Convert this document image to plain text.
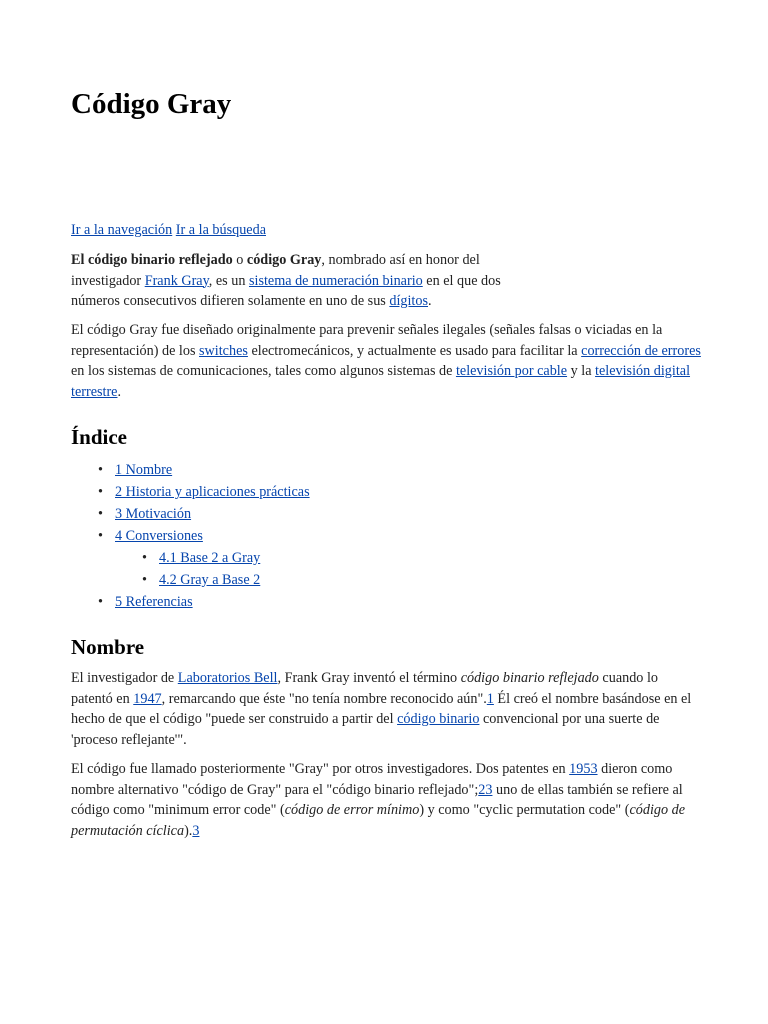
Código Gray
Ir a la navegación Ir a la búsqueda

El código binario reflejado o código Gray, nombrado así en honor del investigador Frank Gray, es un sistema de numeración binario en el que dos números consecutivos difieren solamente en uno de sus dígitos.

El código Gray fue diseñado originalmente para prevenir señales ilegales (señales falsas o viciadas en la representación) de los switches electromecánicos, y actualmente es usado para facilitar la corrección de errores en los sistemas de comunicaciones, tales como algunos sistemas de televisión por cable y la televisión digital terrestre.

Índice
• 1 Nombre
• 2 Historia y aplicaciones prácticas
• 3 Motivación
• 4 Conversiones
• 4.1 Base 2 a Gray
• 4.2 Gray a Base 2
• 5 Referencias
Nombre

El investigador de Laboratorios Bell, Frank Gray inventó el término código binario reflejado cuando lo patentó en 1947, remarcando que éste "no tenía nombre reconocido aún".1 Él creó el nombre basándose en el hecho de que el código "puede ser construido a partir del código binario convencional por una suerte de 'proceso reflejante'".

El código fue llamado posteriormente "Gray" por otros investigadores. Dos patentes en 1953 dieron como nombre alternativo "código de Gray" para el "código binario reflejado";23 uno de ellas también se refiere al código como "minimum error code" (código de error mínimo) y como "cyclic permutation code" (código de permutación cíclica).3
